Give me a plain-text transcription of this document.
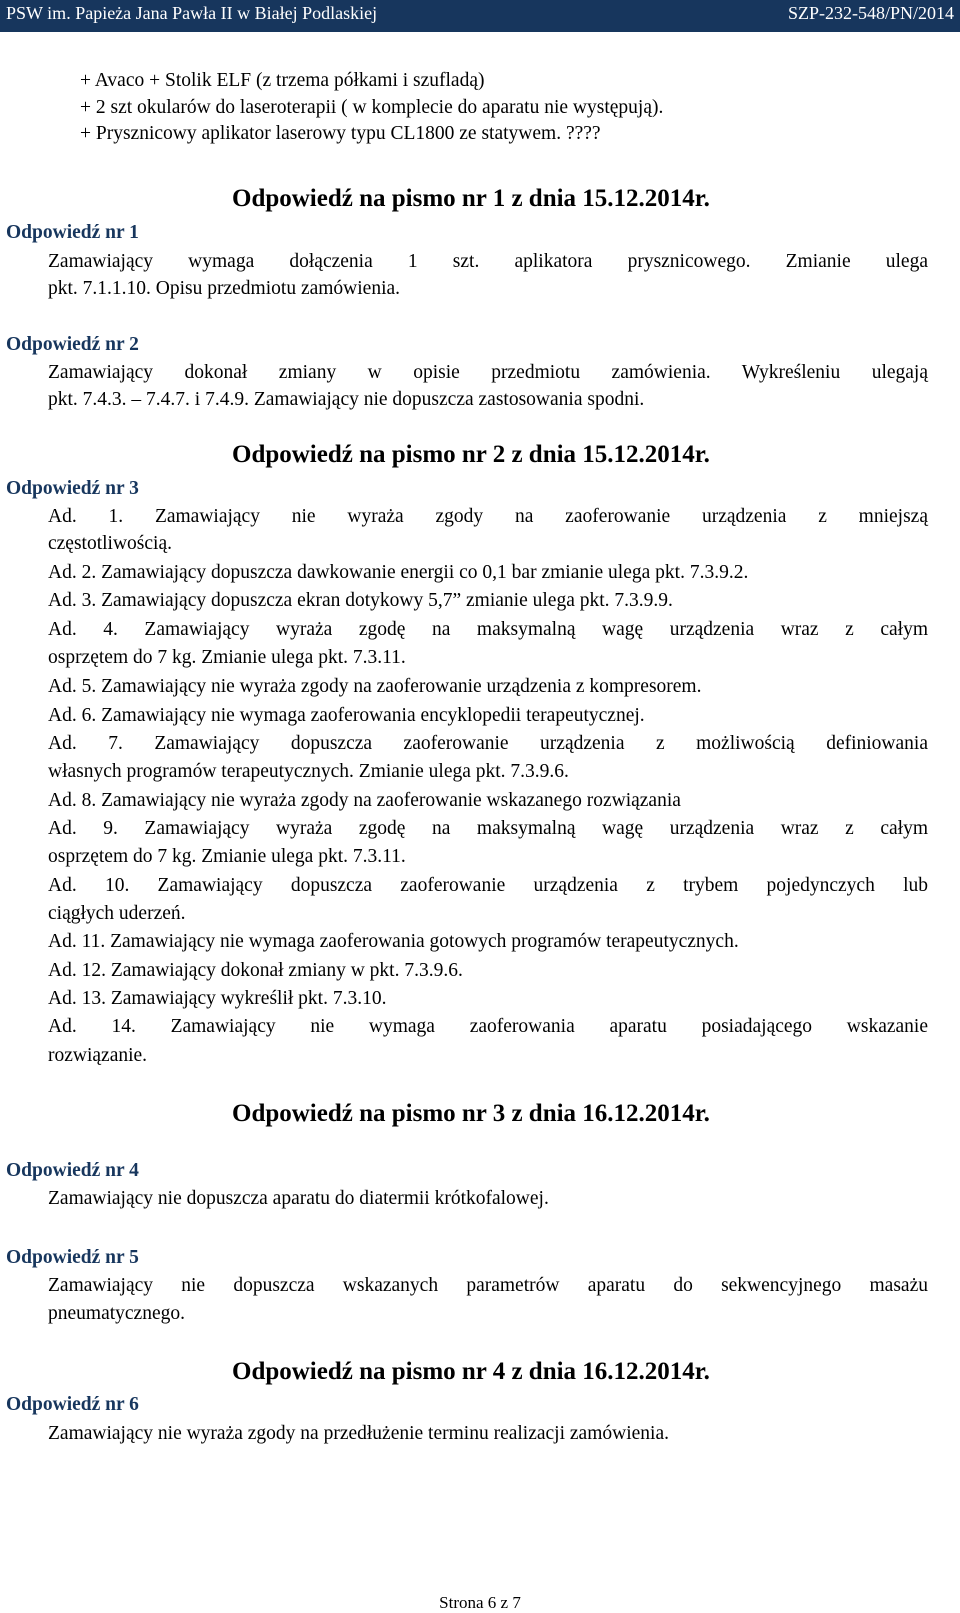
PSW im. Papieża Jana Pawła II w Białej Podlaskiej	SZP-232-548/PN/2014
+ Avaco + Stolik ELF (z trzema półkami i szufladą)
+ 2 szt okularów do laseroterapii ( w komplecie do aparatu nie występują).
+ Prysznicowy aplikator laserowy typu CL1800 ze statywem. ????
Odpowiedź na pismo nr 1 z dnia 15.12.2014r.
Odpowiedź nr 1
Zamawiający wymaga dołączenia 1 szt. aplikatora prysznicowego. Zmianie ulega
pkt. 7.1.1.10. Opisu przedmiotu zamówienia.
Odpowiedź nr 2
Zamawiający dokonał zmiany w opisie przedmiotu zamówienia. Wykreśleniu ulegają
pkt. 7.4.3. – 7.4.7. i 7.4.9. Zamawiający nie dopuszcza zastosowania spodni.
Odpowiedź na pismo nr 2 z dnia 15.12.2014r.
Odpowiedź nr 3
Ad. 1. Zamawiający nie wyraża zgody na zaoferowanie urządzenia z mniejszą
częstotliwością.
Ad. 2. Zamawiający dopuszcza dawkowanie energii co 0,1 bar zmianie ulega pkt. 7.3.9.2.
Ad. 3. Zamawiający dopuszcza ekran dotykowy 5,7” zmianie ulega pkt. 7.3.9.9.
Ad. 4. Zamawiający wyraża zgodę na maksymalną wagę urządzenia wraz z całym
osprzętem do 7 kg. Zmianie ulega pkt. 7.3.11.
Ad. 5. Zamawiający nie wyraża zgody na zaoferowanie urządzenia z kompresorem.
Ad. 6. Zamawiający nie wymaga zaoferowania encyklopedii terapeutycznej.
Ad. 7. Zamawiający dopuszcza zaoferowanie urządzenia z możliwością definiowania
własnych programów terapeutycznych. Zmianie ulega pkt. 7.3.9.6.
Ad. 8. Zamawiający nie wyraża zgody na zaoferowanie wskazanego rozwiązania
Ad. 9. Zamawiający wyraża zgodę na maksymalną wagę urządzenia wraz z całym
osprzętem do 7 kg. Zmianie ulega pkt. 7.3.11.
Ad. 10. Zamawiający dopuszcza zaoferowanie urządzenia z trybem pojedynczych lub
ciągłych uderzeń.
Ad. 11. Zamawiający nie wymaga zaoferowania gotowych programów terapeutycznych.
Ad. 12. Zamawiający dokonał zmiany w pkt. 7.3.9.6.
Ad. 13. Zamawiający wykreślił pkt. 7.3.10.
Ad. 14. Zamawiający nie wymaga zaoferowania aparatu posiadającego wskazanie
rozwiązanie.
Odpowiedź na pismo nr 3 z dnia 16.12.2014r.
Odpowiedź nr 4
Zamawiający nie dopuszcza aparatu do diatermii krótkofalowej.
Odpowiedź nr 5
Zamawiający nie dopuszcza wskazanych parametrów aparatu do sekwencyjnego masażu
pneumatycznego.
Odpowiedź na pismo nr 4 z dnia 16.12.2014r.
Odpowiedź nr 6
Zamawiający nie wyraża zgody na przedłużenie terminu realizacji zamówienia.
Strona 6 z 7
